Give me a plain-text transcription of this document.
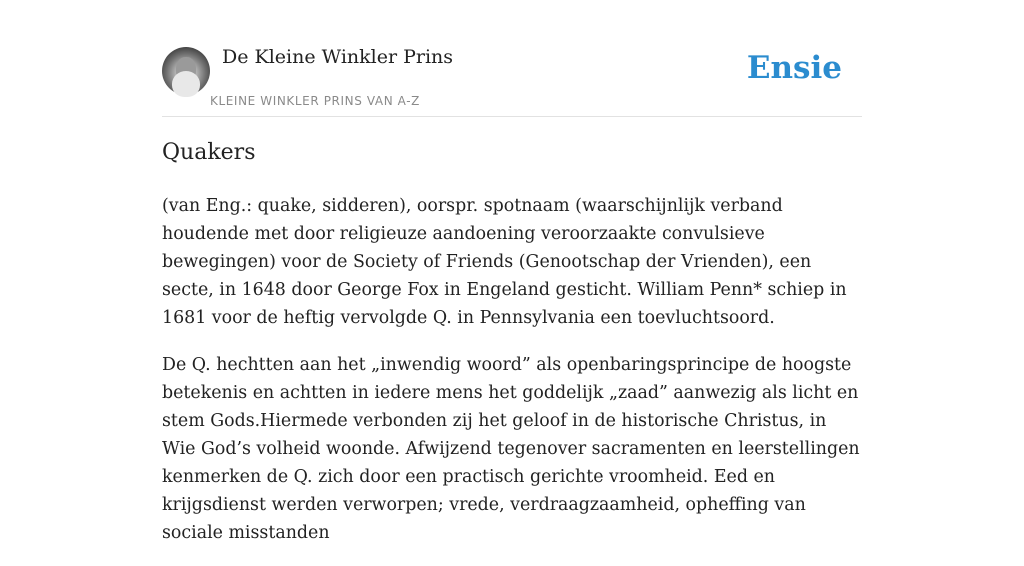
De Kleine Winkler Prins
KLEINE WINKLER PRINS VAN A-Z
Ensie
Quakers

(van Eng.: quake, sidderen), oorspr. spotnaam (waarschijnlijk verband houdende met door religieuze aandoening veroorzaakte convulsieve bewegingen) voor de Society of Friends (Genootschap der Vrienden), een secte, in 1648 door George Fox in Engeland gesticht. William Penn* schiep in 1681 voor de heftig vervolgde Q. in Pennsylvania een toevluchtsoord.

De Q. hechtten aan het „inwendig woord” als openbaringsprincipe de hoogste betekenis en achtten in iedere mens het goddelijk „zaad” aanwezig als licht en stem Gods.Hiermede verbonden zij het geloof in de historische Christus, in Wie God’s volheid woonde. Afwijzend tegenover sacramenten en leerstellingen kenmerken de Q. zich door een practisch gerichte vroomheid. Eed en krijgsdienst werden verworpen; vrede, verdraagzaamheid, opheffing van sociale misstanden
